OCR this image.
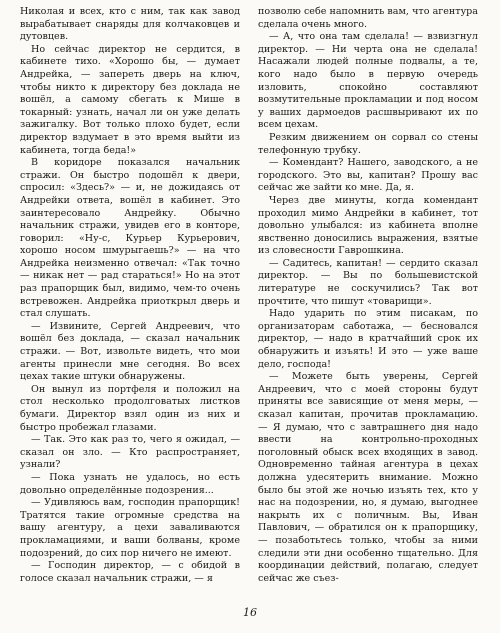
Николая и всех, кто с ним, так как завод вырабатывает снаряды для колчаковцев и дутовцев.

Но сейчас директор не сердится, в кабинете тихо. «Хорошо бы, — думает Андрейка, — запереть дверь на ключ, чтобы никто к директору без доклада не вошёл, а самому сбегать к Мише в токарный: узнать, начал ли он уже делать зажигалку. Вот только плохо будет, если директор вздумает в это время выйти из кабинета, тогда беда!»

В коридоре показался начальник стражи. Он быстро подошёл к двери, спросил: «Здесь?» — и, не дожидаясь от Андрейки ответа, вошёл в кабинет. Это заинтересовало Андрейку. Обычно начальник стражи, увидев его в конторе, говорил: «Ну-с, Курьер Курьерович, хорошо носом шмурыгаешь?» — на что Андрейка неизменно отвечал: «Так точно — никак нет — рад стараться!» Но на этот раз прапорщик был, видимо, чем-то очень встревожен. Андрейка приоткрыл дверь и стал слушать.

— Извините, Сергей Андреевич, что вошёл без доклада, — сказал начальник стражи. — Вот, извольте видеть, что мои агенты принесли мне сегодня. Во всех цехах такие штуки обнаружены.

Он вынул из портфеля и положил на стол несколько продолговатых листков бумаги. Директор взял один из них и быстро пробежал глазами.

— Так. Это как раз то, чего я ожидал, — сказал он зло. — Кто распространяет, узнали?

— Пока узнать не удалось, но есть довольно определённые подозрения...

— Удивляюсь вам, господин прапорщик! Тратятся такие огромные средства на вашу агентуру, а цехи заваливаются прокламациями, и ваши болваны, кроме подозрений, до сих пор ничего не имеют.

— Господин директор, — с обидой в голосе сказал начальник стражи, — я

позволю себе напомнить вам, что агентура сделала очень много.

— А, что она там сделала! — взвизгнул директор. — Ни черта она не сделала! Насажали людей полные подвалы, а те, кого надо было в первую очередь изловить, спокойно составляют возмутительные прокламации и под носом у ваших дармоедов расшвыривают их по всем цехам.

Резким движением он сорвал со стены телефонную трубку.

— Комендант? Нашего, заводского, а не городского. Это вы, капитан? Прошу вас сейчас же зайти ко мне. Да, я.

Через две минуты, когда комендант проходил мимо Андрейки в кабинет, тот довольно улыбался: из кабинета вполне явственно доносились выражения, взятые из словесности Гаврошкина.

— Садитесь, капитан! — сердито сказал директор. — Вы по большевистской литературе не соскучились? Так вот прочтите, что пишут «товарищи».

Надо ударить по этим писакам, по организаторам саботажа, — бесновался директор, — надо в кратчайший срок их обнаружить и изъять! И это — уже ваше дело, господа!

— Можете быть уверены, Сергей Андреевич, что с моей стороны будут приняты все зависящие от меня меры, — сказал капитан, прочитав прокламацию. — Я думаю, что с завтрашнего дня надо ввести на контрольно-проходных поголовный обыск всех входящих в завод. Одновременно тайная агентура в цехах должна удесятерить внимание. Можно было бы этой же ночью изъять тех, кто у нас на подозрении, но, я думаю, выгоднее накрыть их с поличным. Вы, Иван Павлович, — обратился он к прапорщику, — позаботьтесь только, чтобы за ними следили эти дни особенно тщательно. Для координации действий, полагаю, следует сейчас же съез-

16
